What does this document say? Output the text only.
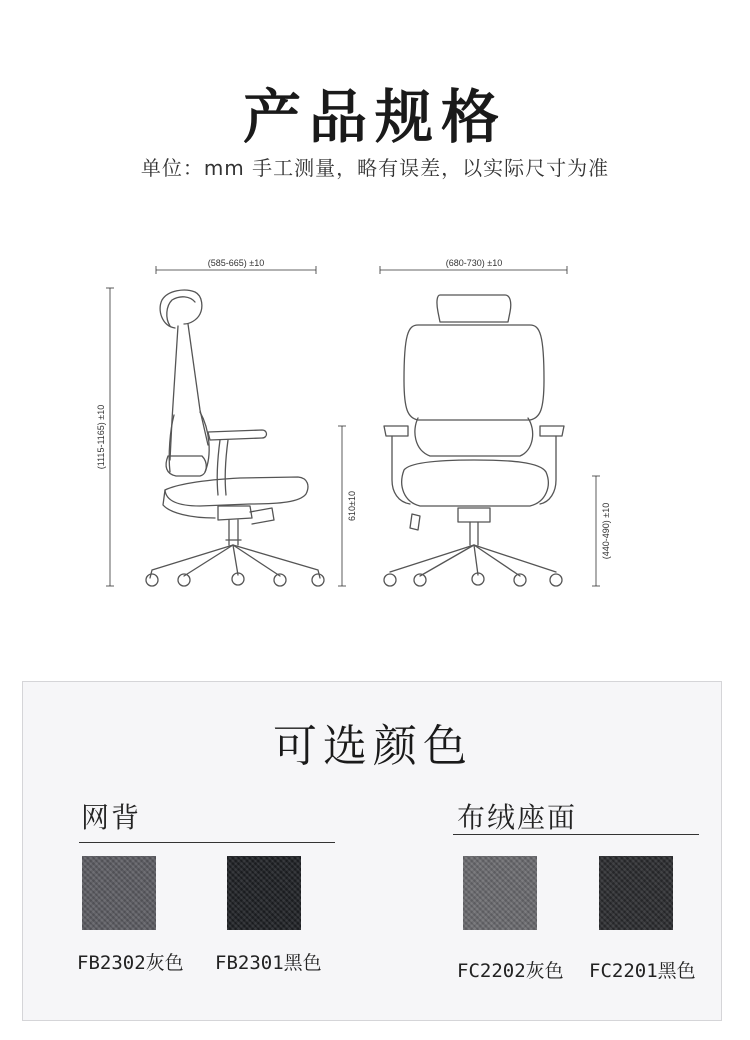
产品规格
单位：mm 手工测量，略有误差，以实际尺寸为准
(585-665) ±10	(680-730) ±10
(1115-1165) ±10
610±10	(440-490) ±10
可选颜色
网背	布绒座面
FB2302灰色 FB2301黑色	FC2202灰色 FC2201黑色
